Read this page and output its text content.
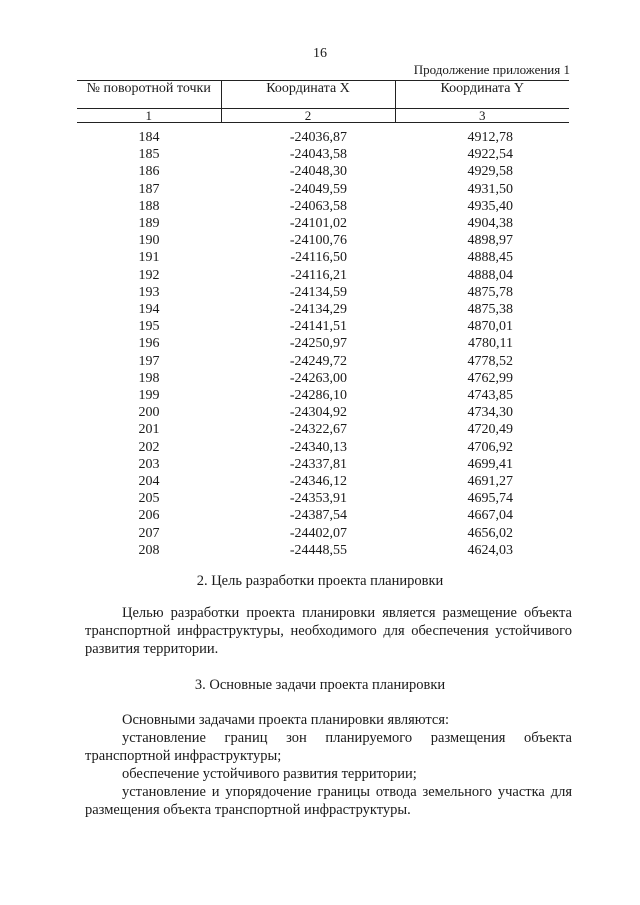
16
Продолжение приложения 1
№ поворотной точки	Координата X	Координата Y
1	2	3
184	-24036,87	4912,78
185	-24043,58	4922,54
186	-24048,30	4929,58
187	-24049,59	4931,50
188	-24063,58	4935,40
189	-24101,02	4904,38
190	-24100,76	4898,97
191	-24116,50	4888,45
192	-24116,21	4888,04
193	-24134,59	4875,78
194	-24134,29	4875,38
195	-24141,51	4870,01
196	-24250,97	4780,11
197	-24249,72	4778,52
198	-24263,00	4762,99
199	-24286,10	4743,85
200	-24304,92	4734,30
201	-24322,67	4720,49
202	-24340,13	4706,92
203	-24337,81	4699,41
204	-24346,12	4691,27
205	-24353,91	4695,74
206	-24387,54	4667,04
207	-24402,07	4656,02
208	-24448,55	4624,03
2. Цель разработки проекта планировки
Целью разработки проекта планировки является размещение объекта транспортной инфраструктуры, необходимого для обеспечения устойчивого развития территории.
3. Основные задачи проекта планировки
Основными задачами проекта планировки являются:
установление границ зон планируемого размещения объекта транспортной инфраструктуры;
обеспечение устойчивого развития территории;
установление и упорядочение границы отвода земельного участка для размещения объекта транспортной инфраструктуры.
